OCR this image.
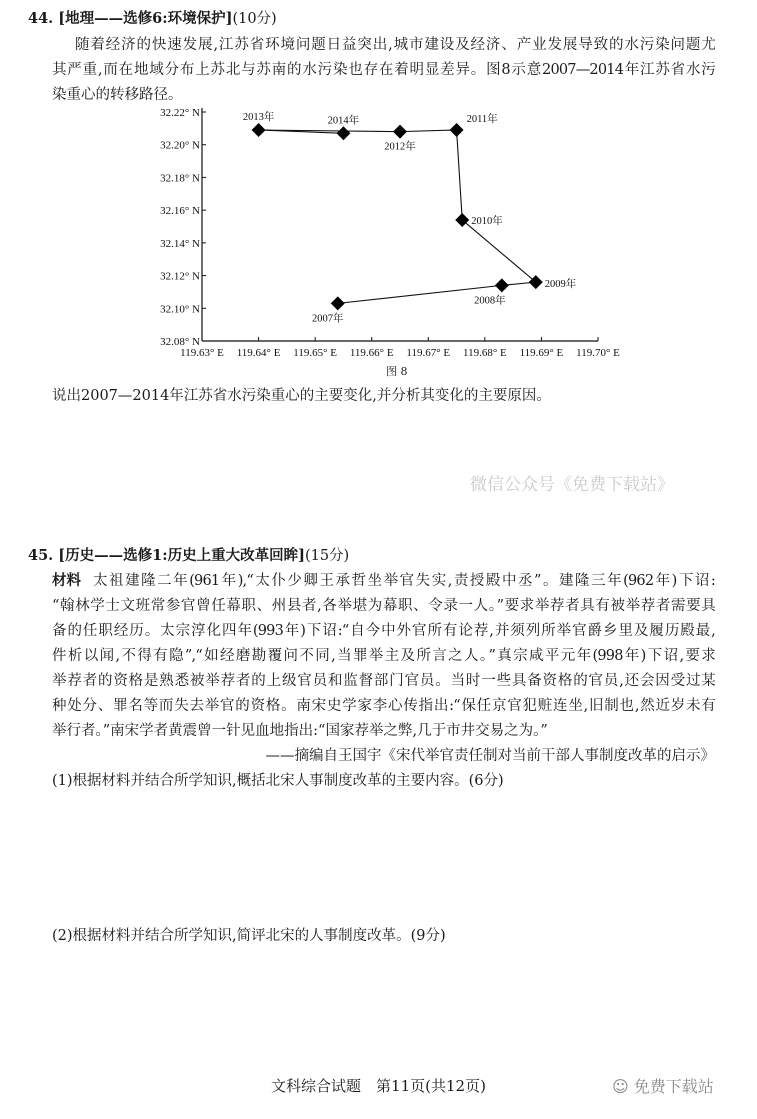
44. [地理——选修6:环境保护](10分)
随着经济的快速发展,江苏省环境问题日益突出,城市建设及经济、产业发展导致的水污染问题尤
其严重,而在地域分布上苏北与苏南的水污染也存在着明显差异。图8示意2007—2014年江苏省水污
染重心的转移路径。
119.63° E 119.64° E 119.65° E 119.66° E 119.67° E 119.68° E 119.69° E 119.70° E
32.08° N
32.10° N
32.12° N
32.14° N
32.16° N
32.18° N
32.20° N
32.22° N
2007年
2008年
2009年
2010年
2011年
2012年
2013年	2014年
图 8
说出2007—2014年江苏省水污染重心的主要变化,并分析其变化的主要原因。
微信公众号《免费下载站》
45. [历史——选修1:历史上重大改革回眸](15分)
材料 太祖建隆二年(961年),“太仆少卿王承哲坐举官失实,责授殿中丞”。建隆三年(962年)下诏:
“翰林学士文班常参官曾任幕职、州县者,各举堪为幕职、令录一人。”要求举荐者具有被举荐者需要具
备的任职经历。太宗淳化四年(993年)下诏:“自今中外官所有论荐,并须列所举官爵乡里及履历殿最,
件析以闻,不得有隐”,“如经磨勘覆问不同,当罪举主及所言之人。”真宗咸平元年(998年)下诏,要求
举荐者的资格是熟悉被举荐者的上级官员和监督部门官员。当时一些具备资格的官员,还会因受过某
种处分、罪名等而失去举官的资格。南宋史学家李心传指出:“保任京官犯赃连坐,旧制也,然近岁未有
举行者。”南宋学者黄震曾一针见血地指出:“国家荐举之弊,几于市井交易之为。”
——摘编自王国宇《宋代举官责任制对当前干部人事制度改革的启示》
(1)根据材料并结合所学知识,概括北宋人事制度改革的主要内容。(6分)
(2)根据材料并结合所学知识,简评北宋的人事制度改革。(9分)
文科综合试题　第11页(共12页)	☺ 免费下载站
